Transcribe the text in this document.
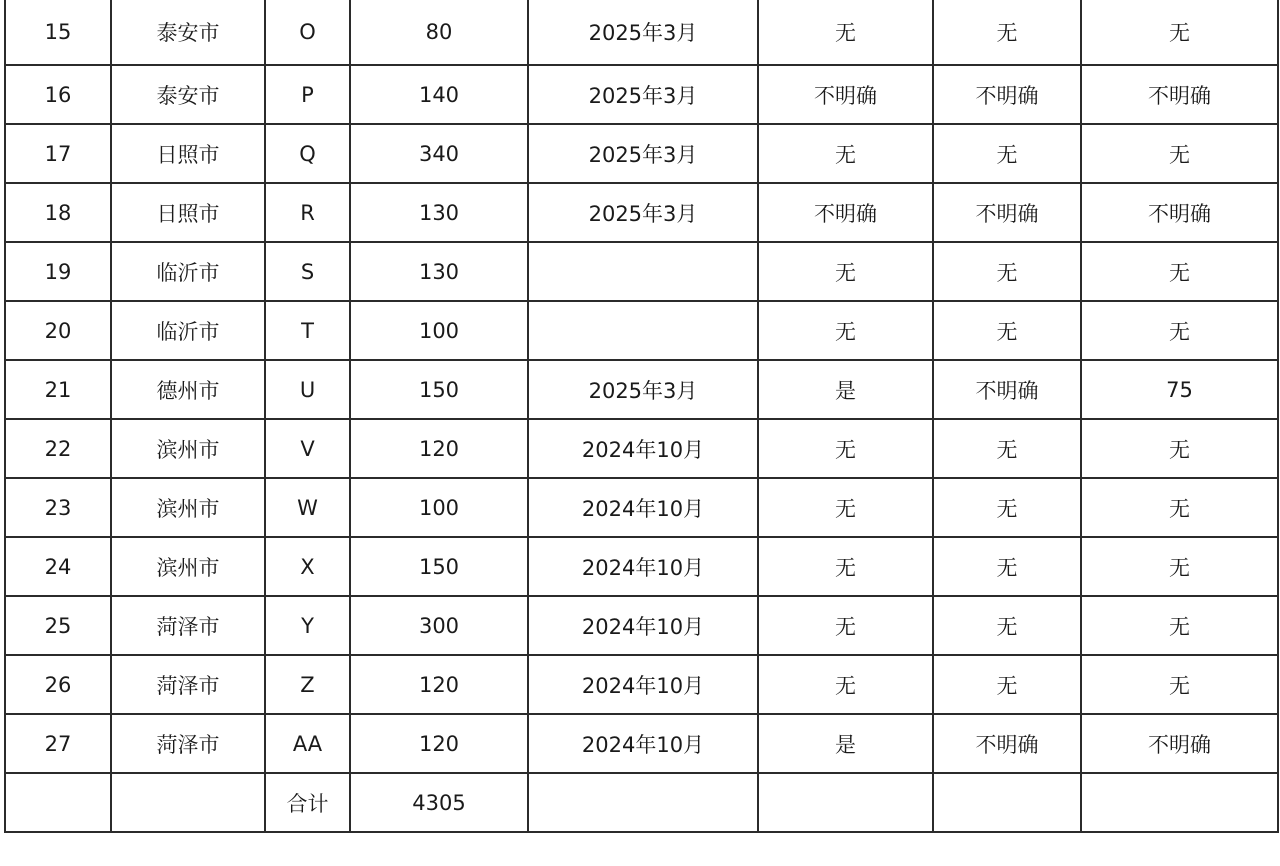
15	泰安市	O	80	2025年3月	无	无	无
16	泰安市	P	140	2025年3月	不明确	不明确	不明确
17	日照市	Q	340	2025年3月	无	无	无
18	日照市	R	130	2025年3月	不明确	不明确	不明确
19	临沂市	S	130		无	无	无
20	临沂市	T	100		无	无	无
21	德州市	U	150	2025年3月	是	不明确	75
22	滨州市	V	120	2024年10月	无	无	无
23	滨州市	W	100	2024年10月	无	无	无
24	滨州市	X	150	2024年10月	无	无	无
25	菏泽市	Y	300	2024年10月	无	无	无
26	菏泽市	Z	120	2024年10月	无	无	无
27	菏泽市	AA	120	2024年10月	是	不明确	不明确
		合计	4305				
